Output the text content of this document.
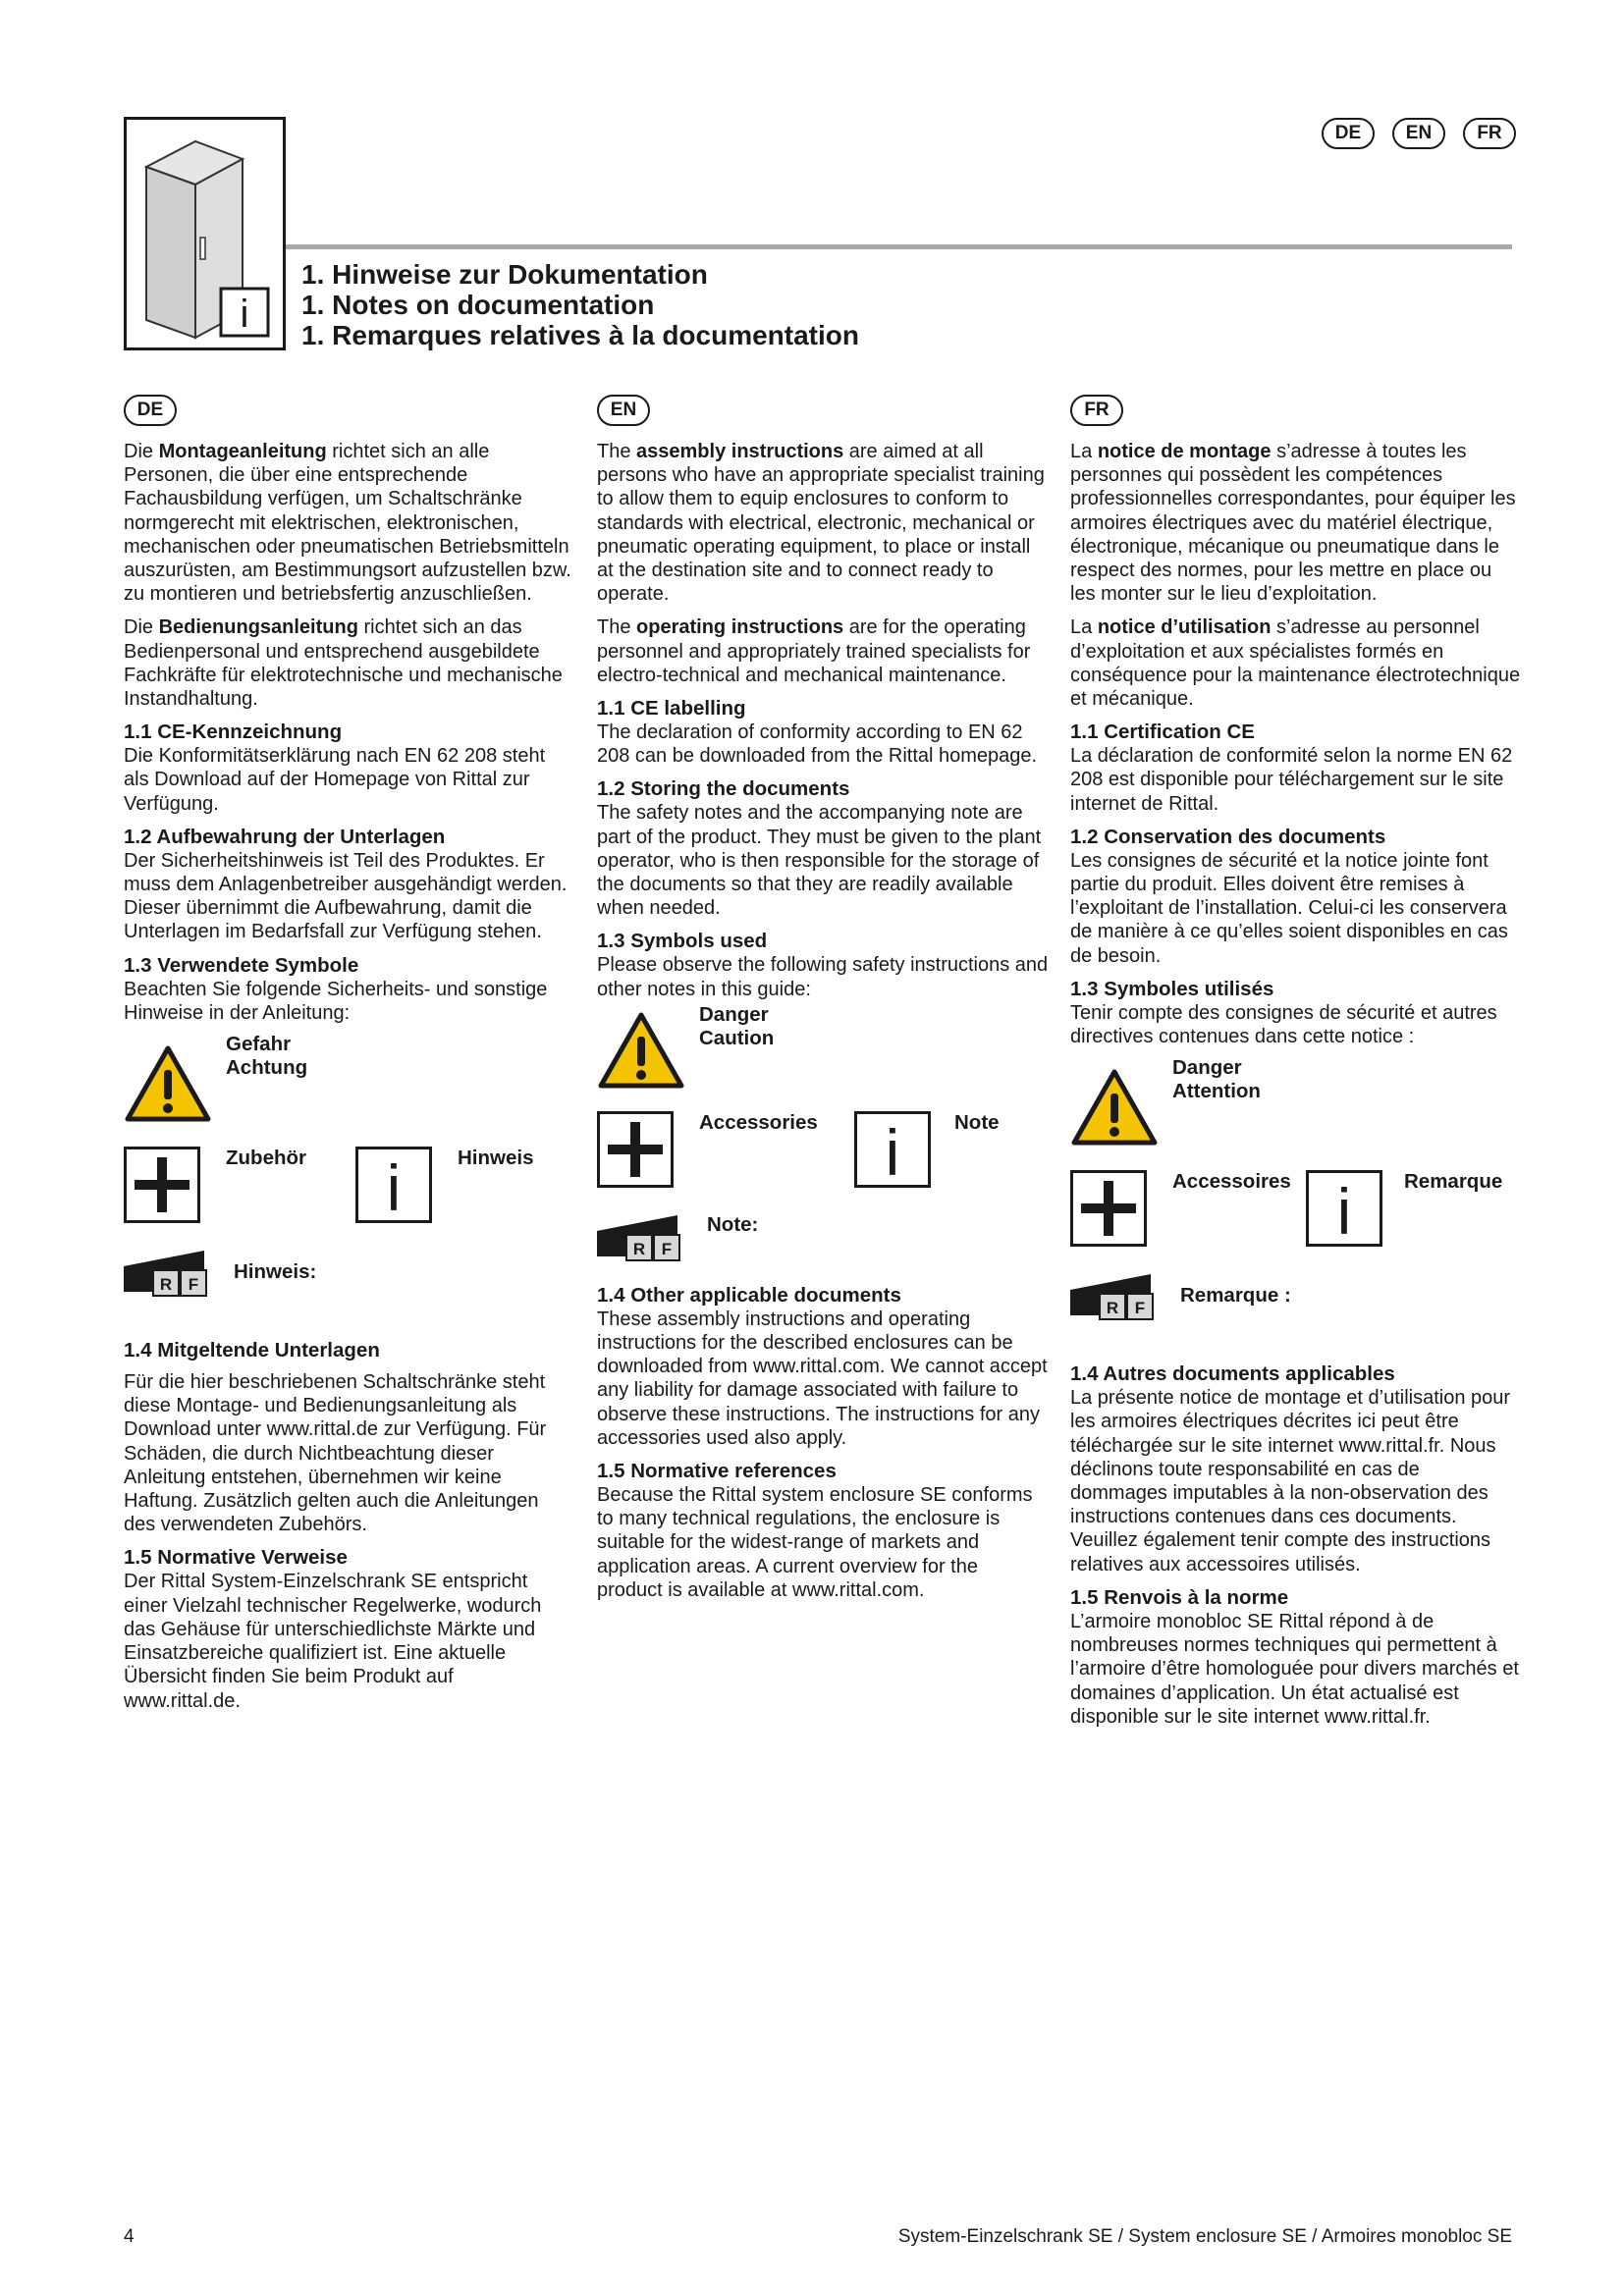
DE	EN	FR
i
1. Hinweise zur Dokumentation
1. Notes on documentation
1. Remarques relatives à la documentation
DE

Die Montageanleitung richtet sich an alle Personen, die über eine entsprechende Fachausbildung verfügen, um Schaltschränke normgerecht mit elektrischen, elektronischen, mechanischen oder pneumatischen Betriebsmitteln auszurüsten, am Bestimmungsort aufzustellen bzw. zu montieren und betriebsfertig anzuschließen.

Die Bedienungsanleitung richtet sich an das Bedienpersonal und entsprechend ausgebildete Fachkräfte für elektrotechnische und mechanische Instandhaltung.

1.1 CE-Kennzeichnung

Die Konformitätserklärung nach EN 62 208 steht als Download auf der Homepage von Rittal zur Verfügung.

1.2 Aufbewahrung der Unterlagen

Der Sicherheitshinweis ist Teil des Produktes. Er muss dem Anlagenbetreiber ausgehändigt werden. Dieser übernimmt die Aufbewahrung, damit die Unterlagen im Bedarfsfall zur Verfügung stehen.

1.3 Verwendete Symbole

Beachten Sie folgende Sicherheits- und sonstige Hinweise in der Anleitung:

Gefahr
Achtung
Zubehör i	Hinweis
R F
Hinweis:
1.4 Mitgeltende Unterlagen

Für die hier beschriebenen Schaltschränke steht diese Montage- und Bedienungsanleitung als Download unter www.rittal.de zur Verfügung. Für Schäden, die durch Nichtbeachtung dieser Anleitung entstehen, übernehmen wir keine Haftung. Zusätzlich gelten auch die Anleitungen des verwendeten Zubehörs.

1.5 Normative Verweise

Der Rittal System-Einzelschrank SE entspricht einer Vielzahl technischer Regelwerke, wodurch das Gehäuse für unterschiedlichste Märkte und Einsatzbereiche qualifiziert ist. Eine aktuelle Übersicht finden Sie beim Produkt auf www.rittal.de.

EN

The assembly instructions are aimed at all persons who have an appropriate specialist training to allow them to equip enclosures to conform to standards with electrical, electronic, mechanical or pneumatic operating equipment, to place or install at the destination site and to connect ready to operate.

The operating instructions are for the operating personnel and appropriately trained specialists for electro-technical and mechanical maintenance.

1.1 CE labelling

The declaration of conformity according to EN 62 208 can be downloaded from the Rittal homepage.

1.2 Storing the documents

The safety notes and the accompanying note are part of the product. They must be given to the plant operator, who is then responsible for the storage of the documents so that they are readily available when needed.

1.3 Symbols used

Please observe the following safety instructions and other notes in this guide:

Danger
Caution
Accessories i	Note
R F
Note:
1.4 Other applicable documents

These assembly instructions and operating instructions for the described enclosures can be downloaded from www.rittal.com. We cannot accept any liability for damage associated with failure to observe these instructions. The instructions for any accessories used also apply.

1.5 Normative references

Because the Rittal system enclosure SE conforms to many technical regulations, the enclosure is suitable for the widest-range of markets and application areas. A current overview for the product is available at www.rittal.com.

FR

La notice de montage s’adresse à toutes les personnes qui possèdent les compétences professionnelles correspondantes, pour équiper les armoires électriques avec du matériel électrique, électronique, mécanique ou pneumatique dans le respect des normes, pour les mettre en place ou les monter sur le lieu d’exploitation.

La notice d’utilisation s’adresse au personnel d’exploitation et aux spécialistes formés en conséquence pour la maintenance électrotechnique et mécanique.

1.1 Certification CE

La déclaration de conformité selon la norme EN 62 208 est disponible pour téléchargement sur le site internet de Rittal.

1.2 Conservation des documents

Les consignes de sécurité et la notice jointe font partie du produit. Elles doivent être remises à l’exploitant de l’installation. Celui-ci les conservera de manière à ce qu’elles soient disponibles en cas de besoin.

1.3 Symboles utilisés

Tenir compte des consignes de sécurité et autres directives contenues dans cette notice :

Danger
Attention
Accessoires i	Remarque
R F
Remarque :
1.4 Autres documents applicables

La présente notice de montage et d’utilisation pour les armoires électriques décrites ici peut être téléchargée sur le site internet www.rittal.fr. Nous déclinons toute responsabilité en cas de dommages imputables à la non-observation des instructions contenues dans ces documents. Veuillez également tenir compte des instructions relatives aux accessoires utilisés.

1.5 Renvois à la norme

L’armoire monobloc SE Rittal répond à de nombreuses normes techniques qui permettent à l’armoire d’être homologuée pour divers marchés et domaines d’application. Un état actualisé est disponible sur le site internet www.rittal.fr.

4	System-Einzelschrank SE / System enclosure SE / Armoires monobloc SE
